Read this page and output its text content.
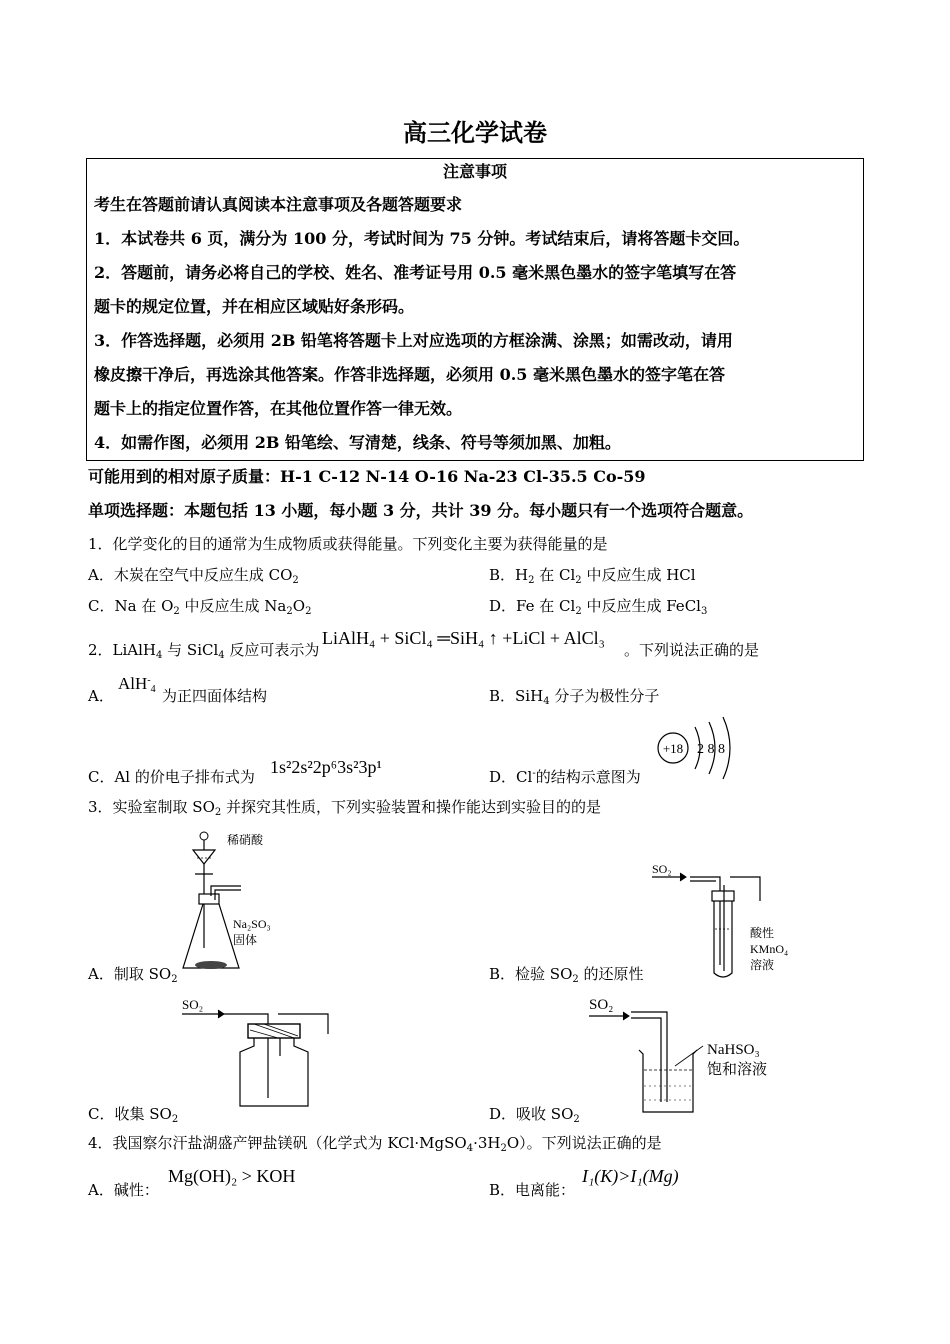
高三化学试卷
注意事项
考生在答题前请认真阅读本注意事项及各题答题要求
1．本试卷共 6 页，满分为 100 分，考试时间为 75 分钟。考试结束后，请将答题卡交回。
2．答题前，请务必将自己的学校、姓名、准考证号用 0.5 毫米黑色墨水的签字笔填写在答
题卡的规定位置，并在相应区域贴好条形码。
3．作答选择题，必须用 2B 铅笔将答题卡上对应选项的方框涂满、涂黑；如需改动，请用
橡皮擦干净后，再选涂其他答案。作答非选择题，必须用 0.5 毫米黑色墨水的签字笔在答
题卡上的指定位置作答，在其他位置作答一律无效。
4．如需作图，必须用 2B 铅笔绘、写清楚，线条、符号等须加黑、加粗。
可能用到的相对原子质量：H-1 C-12 N-14 O-16 Na-23 Cl-35.5 Co-59
单项选择题：本题包括 13 小题，每小题 3 分，共计 39 分。每小题只有一个选项符合题意。
1．化学变化的目的通常为生成物质或获得能量。下列变化主要为获得能量的是
A．木炭在空气中反应生成 $CO_2$	B．$H_2$ 在 $Cl_2$ 中反应生成 HCl
C．Na 在 $O_2$ 中反应生成 $Na_2O_2$	D．Fe 在 $Cl_2$ 中反应生成 FeCl$_3$
2．LiAlH$_4$ 与 SiCl$_4$ 反应可表示为
LiAlH₄ + SiCl₄ ═SiH₄ ↑ +LiCl + AlCl₃
。下列说法正确的是
A．
AlH-$_4$ 为正四面体结构	B．SiH$_4$ 分子为极性分子
C．Al 的价电子排布式为 1s²2s²2p⁶3s²3p¹	D．Cl-的结构示意图为
+18 2 8 8
3．实验室制取 $SO_2$ 并探究其性质，下列实验装置和操作能达到实验目的的是
稀硝酸
Na₂SO₃
固体
A．制取 $SO_2$
SO₂
酸性
KMnO₄
溶液
B．检验 $SO_2$ 的还原性
SO₂
C．收集 $SO_2$
SO₂
NaHSO₃
饱和溶液
D．吸收 $SO_2$
4．我国察尔汗盐湖盛产钾盐镁矾（化学式为 $KCl\cdot MgSO_4\cdot 3H_2O$）。下列说法正确的是
A．碱性：
Mg(OH)₂ > KOH
B．电离能：
I₁(K)>I₁(Mg)
